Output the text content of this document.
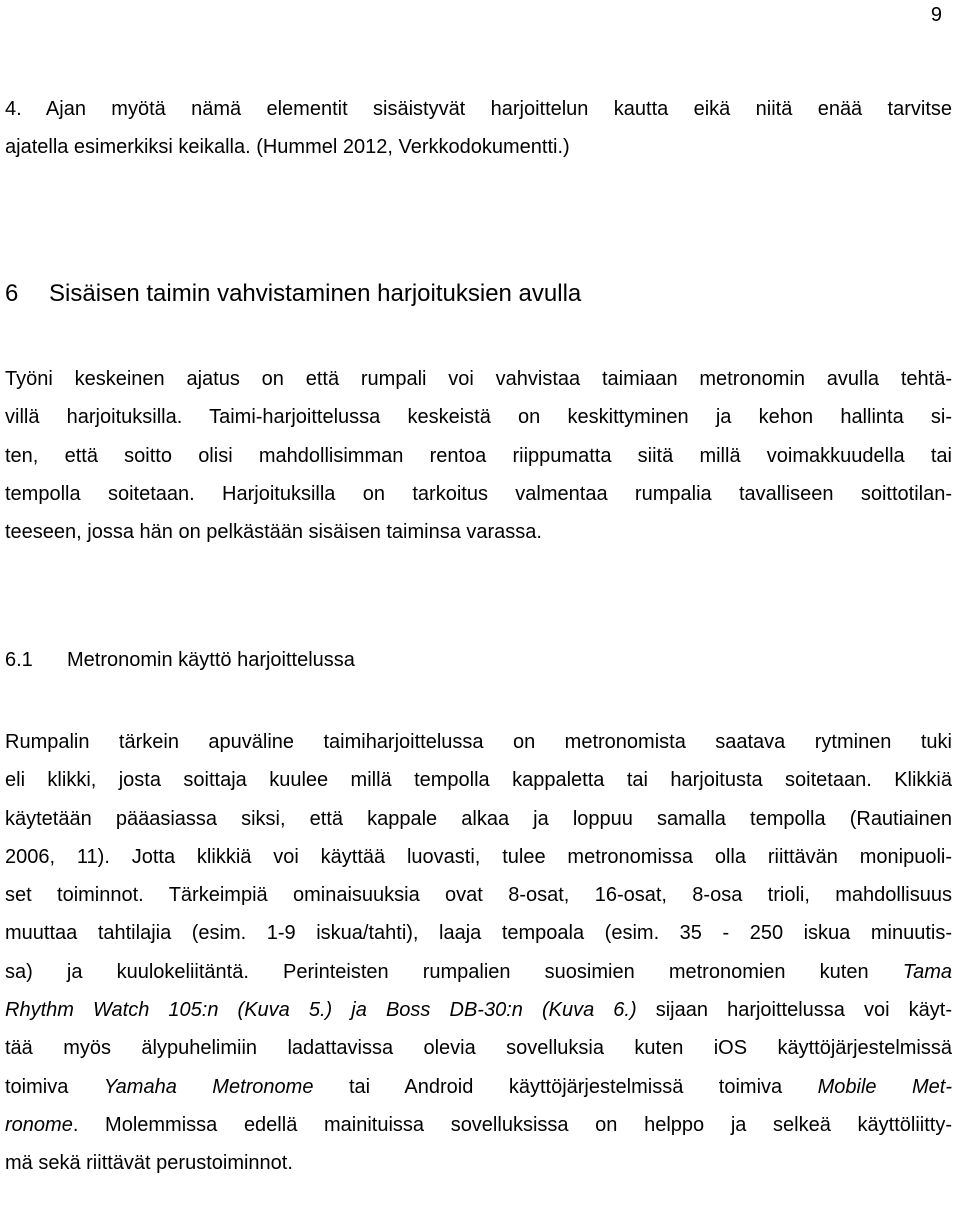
9
4. Ajan myötä nämä elementit sisäistyvät harjoittelun kautta eikä niitä enää tarvitse
ajatella esimerkiksi keikalla. (Hummel 2012, Verkkodokumentti.)
6 Sisäisen taimin vahvistaminen harjoituksien avulla
Työni keskeinen ajatus on että rumpali voi vahvistaa taimiaan metronomin avulla tehtä-
villä harjoituksilla. Taimi-harjoittelussa keskeistä on keskittyminen ja kehon hallinta si-
ten, että soitto olisi mahdollisimman rentoa riippumatta siitä millä voimakkuudella tai
tempolla soitetaan. Harjoituksilla on tarkoitus valmentaa rumpalia tavalliseen soittotilan-
teeseen, jossa hän on pelkästään sisäisen taiminsa varassa.
6.1 Metronomin käyttö harjoittelussa
Rumpalin tärkein apuväline taimiharjoittelussa on metronomista saatava rytminen tuki
eli klikki, josta soittaja kuulee millä tempolla kappaletta tai harjoitusta soitetaan. Klikkiä
käytetään pääasiassa siksi, että kappale alkaa ja loppuu samalla tempolla (Rautiainen
2006, 11). Jotta klikkiä voi käyttää luovasti, tulee metronomissa olla riittävän monipuoli-
set toiminnot. Tärkeimpiä ominaisuuksia ovat 8-osat, 16-osat, 8-osa trioli, mahdollisuus
muuttaa tahtilajia (esim. 1-9 iskua/tahti), laaja tempoala (esim. 35 - 250 iskua minuutis-
sa) ja kuulokeliitäntä. Perinteisten rumpalien suosimien metronomien kuten Tama
Rhythm Watch 105:n (Kuva 5.) ja Boss DB-30:n (Kuva 6.) sijaan harjoittelussa voi käyt-
tää myös älypuhelimiin ladattavissa olevia sovelluksia kuten iOS käyttöjärjestelmissä
toimiva Yamaha Metronome tai Android käyttöjärjestelmissä toimiva Mobile Met-
ronome. Molemmissa edellä mainituissa sovelluksissa on helppo ja selkeä käyttöliitty-
mä sekä riittävät perustoiminnot.
